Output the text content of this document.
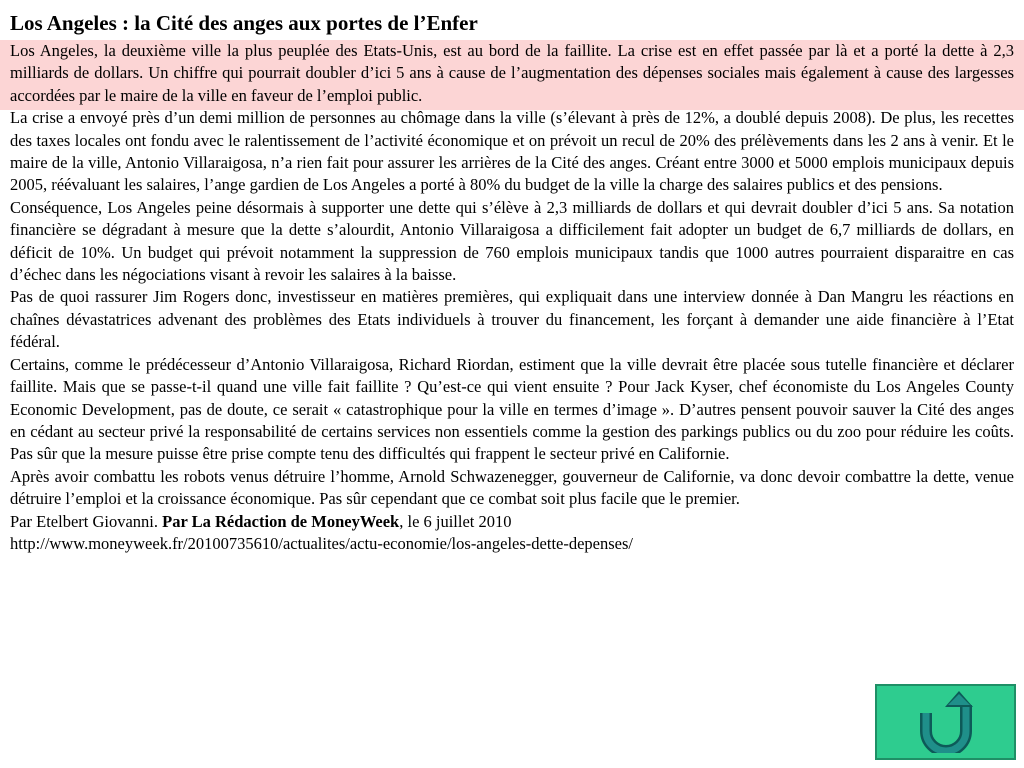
Los Angeles : la Cité des anges aux portes de l’Enfer

Los Angeles, la deuxième ville la plus peuplée des Etats-Unis, est au bord de la faillite. La crise est en effet passée par là et a porté la dette à 2,3 milliards de dollars. Un chiffre qui pourrait doubler d’ici 5 ans à cause de l’augmentation des dépenses sociales mais également à cause des largesses accordées par le maire de la ville en faveur de l’emploi public.

La crise a envoyé près d’un demi million de personnes au chômage dans la ville (s’élevant à près de 12%, a doublé depuis 2008). De plus, les recettes des taxes locales ont fondu avec le ralentissement de l’activité économique et on prévoit un recul de 20% des prélèvements dans les 2 ans à venir. Et le maire de la ville, Antonio Villaraigosa, n’a rien fait pour assurer les arrières de la Cité des anges. Créant entre 3000 et 5000 emplois municipaux depuis 2005, réévaluant les salaires, l’ange gardien de Los Angeles a porté à 80% du budget de la ville la charge des salaires publics et des pensions.

Conséquence, Los Angeles peine désormais à supporter une dette qui s’élève à 2,3 milliards de dollars et qui devrait doubler d’ici 5 ans. Sa notation financière se dégradant à mesure que la dette s’alourdit, Antonio Villaraigosa a difficilement fait adopter un budget de 6,7 milliards de dollars, en déficit de 10%. Un budget qui prévoit notamment la suppression de 760 emplois municipaux tandis que 1000 autres pourraient disparaitre en cas d’échec dans les négociations visant à revoir les salaires à la baisse.

Pas de quoi rassurer Jim Rogers donc, investisseur en matières premières, qui expliquait dans une interview donnée à Dan Mangru les réactions en chaînes dévastatrices advenant des problèmes des Etats individuels à trouver du financement, les forçant à demander une aide financière à l’Etat fédéral.

Certains, comme le prédécesseur d’Antonio Villaraigosa, Richard Riordan, estiment que la ville devrait être placée sous tutelle financière et déclarer faillite. Mais que se passe-t-il quand une ville fait faillite ? Qu’est-ce qui vient ensuite ? Pour Jack Kyser, chef économiste du Los Angeles County Economic Development, pas de doute, ce serait « catastrophique pour la ville en termes d’image ». D’autres pensent pouvoir sauver la Cité des anges en cédant au secteur privé la responsabilité de certains services non essentiels comme la gestion des parkings publics ou du zoo pour réduire les coûts. Pas sûr que la mesure puisse être prise compte tenu des difficultés qui frappent le secteur privé en Californie.

Après avoir combattu les robots venus détruire l’homme, Arnold Schwazenegger, gouverneur de Californie, va donc devoir combattre la dette, venue détruire l’emploi et la croissance économique. Pas sûr cependant que ce combat soit plus facile que le premier.

Par Etelbert Giovanni. Par La Rédaction de MoneyWeek, le 6 juillet 2010

http://www.moneyweek.fr/20100735610/actualites/actu-economie/los-angeles-dette-depenses/
